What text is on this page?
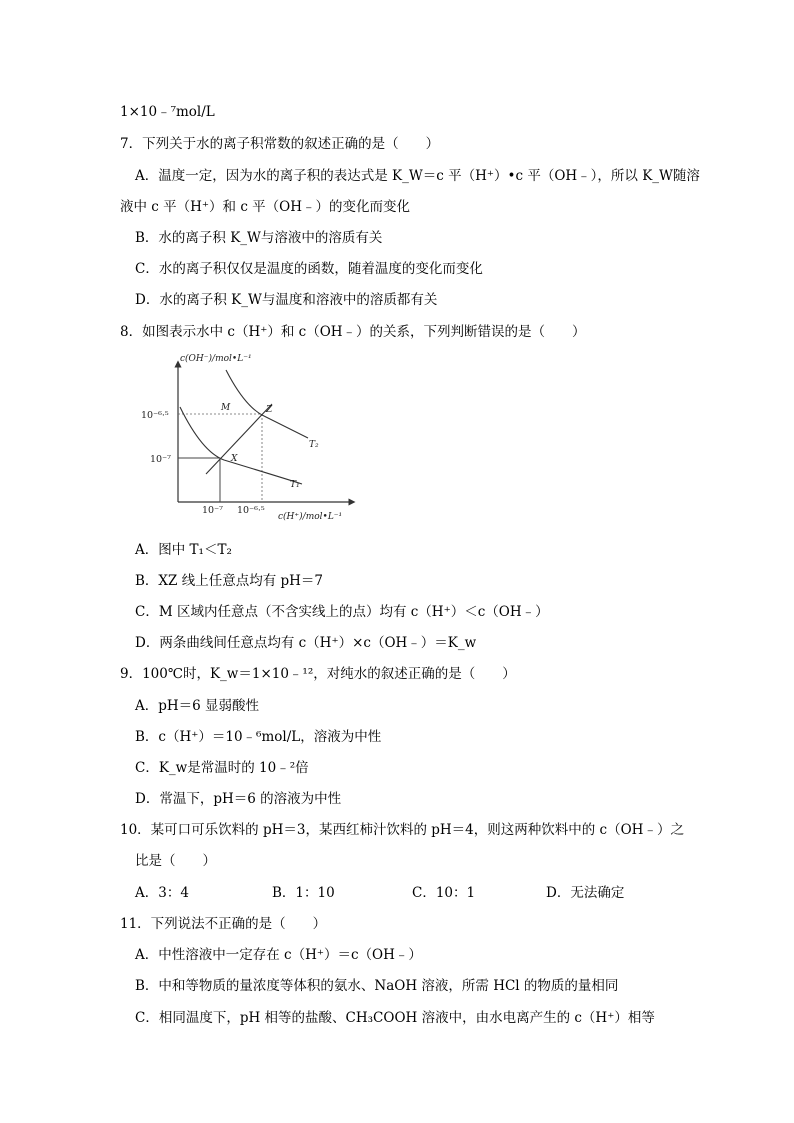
1×10﹣⁷mol/L
7．下列关于水的离子积常数的叙述正确的是（　　）
A．温度一定，因为水的离子积的表达式是 K_W＝c 平（H⁺）•c 平（OH﹣），所以 K_W随溶
液中 c 平（H⁺）和 c 平（OH﹣）的变化而变化
B．水的离子积 K_W与溶液中的溶质有关
C．水的离子积仅仅是温度的函数，随着温度的变化而变化
D．水的离子积 K_W与温度和溶液中的溶质都有关
8．如图表示水中 c（H⁺）和 c（OH﹣）的关系，下列判断错误的是（　　）
c(OH⁻)/mol•L⁻¹
c(H⁺)/mol•L⁻¹
10⁻⁶·⁵
10⁻⁷
10⁻⁷ 10⁻⁶·⁵
M	Z
X
T₂
T₁
A．图中 T₁＜T₂
B．XZ 线上任意点均有 pH＝7
C．M 区域内任意点（不含实线上的点）均有 c（H⁺）＜c（OH﹣）
D．两条曲线间任意点均有 c（H⁺）×c（OH﹣）＝K_w
9．100℃时，K_w＝1×10﹣¹²，对纯水的叙述正确的是（　　）
A．pH＝6 显弱酸性
B．c（H⁺）＝10﹣⁶mol/L，溶液为中性
C．K_w是常温时的 10﹣²倍
D．常温下，pH＝6 的溶液为中性
10．某可口可乐饮料的 pH＝3，某西红柿汁饮料的 pH＝4，则这两种饮料中的 c（OH﹣）之
比是（　　）
A．3：4	B．1：10	C．10：1	D．无法确定
11．下列说法不正确的是（　　）
A．中性溶液中一定存在 c（H⁺）＝c（OH﹣）
B．中和等物质的量浓度等体积的氨水、NaOH 溶液，所需 HCl 的物质的量相同
C．相同温度下，pH 相等的盐酸、CH₃COOH 溶液中，由水电离产生的 c（H⁺）相等
